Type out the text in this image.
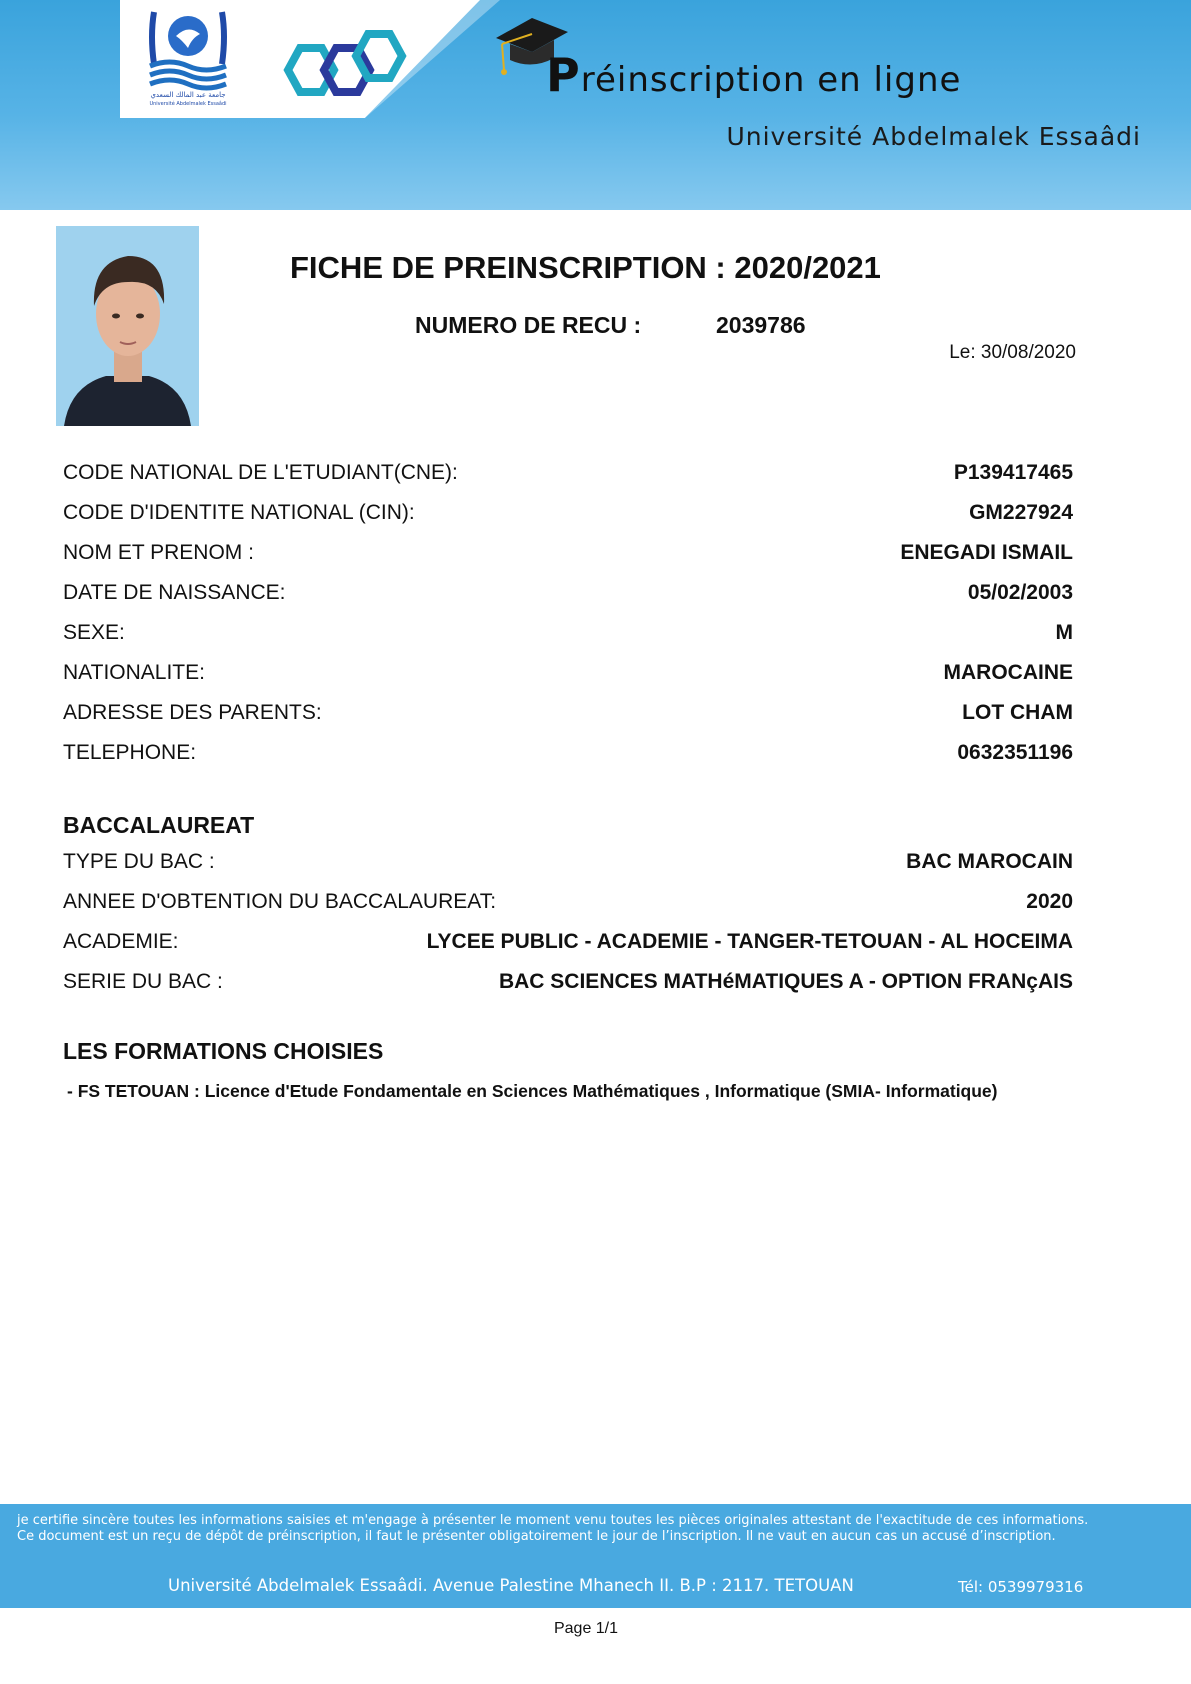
جامعة عبد المالك السعدي
Université Abdelmalek Essaâdi
Préinscription en ligne
Université Abdelmalek Essaâdi
FICHE DE PREINSCRIPTION : 2020/2021
NUMERO DE RECU :	2039786
Le: 30/08/2020
CODE NATIONAL DE L'ETUDIANT(CNE):	P139417465
CODE D'IDENTITE NATIONAL (CIN):	GM227924
NOM ET PRENOM :	ENEGADI ISMAIL
DATE DE NAISSANCE:	05/02/2003
SEXE:	M
NATIONALITE:	MAROCAINE
ADRESSE DES PARENTS:	LOT CHAM
TELEPHONE:	0632351196
BACCALAUREAT
TYPE DU BAC :	BAC MAROCAIN
ANNEE D'OBTENTION DU BACCALAUREAT:	2020
ACADEMIE:	LYCEE PUBLIC - ACADEMIE - TANGER-TETOUAN - AL HOCEIMA
SERIE DU BAC :	BAC SCIENCES MATHéMATIQUES A - OPTION FRANçAIS
LES FORMATIONS CHOISIES
- FS TETOUAN : Licence d'Etude Fondamentale en Sciences Mathématiques , Informatique (SMIA- Informatique)
je certifie sincère toutes les informations saisies et m'engage à présenter le moment venu toutes les pièces originales attestant de l'exactitude de ces informations.
Ce document est un reçu de dépôt de préinscription, il faut le présenter obligatoirement le jour de l’inscription. Il ne vaut en aucun cas un accusé d’inscription.
Université Abdelmalek Essaâdi. Avenue Palestine Mhanech II. B.P : 2117. TETOUAN	Tél: 0539979316
Page 1/1
